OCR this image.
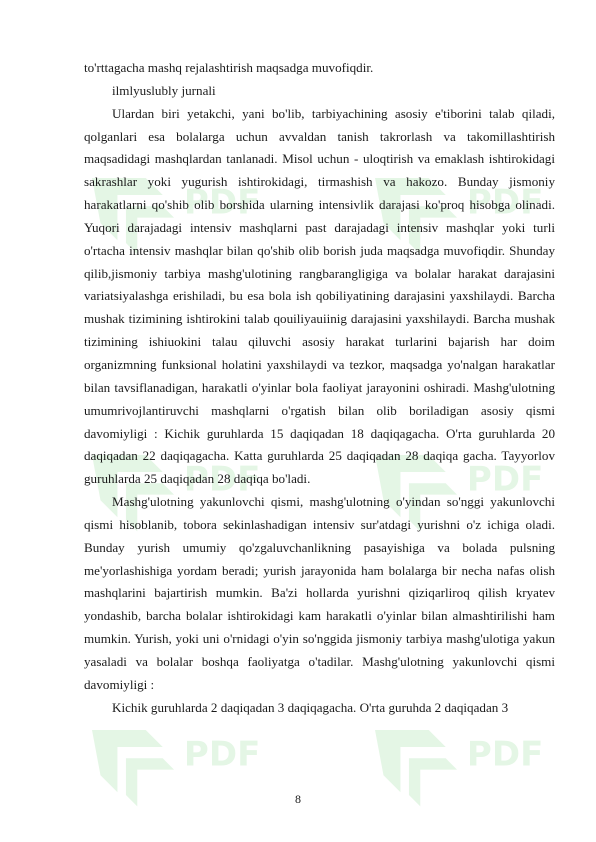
to'rttagacha mashq rejalashtirish maqsadga muvofiqdir.

ilmlyuslubly jurnali

Ulardan biri yetakchi, yani bo'lib, tarbiyachining asosiy e'tiborini talab qiladi, qolganlari esa bolalarga uchun avvaldan tanish takrorlash va takomillashtirish maqsadidagi mashqlardan tanlanadi. Misol uchun - uloqtirish va emaklash ishtirokidagi sakrashlar yoki yugurish ishtirokidagi, tirmashish va hakozo. Bunday jismoniy harakatlarni qo'shib olib borshida ularning intensivlik darajasi ko'proq hisobga olinadi. Yuqori darajadagi intensiv mashqlarni past darajadagi intensiv mashqlar yoki turli o'rtacha intensiv mashqlar bilan qo'shib olib borish juda maqsadga muvofiqdir. Shunday qilib,jismoniy tarbiya mashg'ulotining rangbarangligiga va bolalar harakat darajasini variatsiyalashga erishiladi, bu esa bola ish qobiliyatining darajasini yaxshilaydi. Barcha mushak tizimining ishtirokini talab qouiliyauiinig darajasini yaxshilaydi. Barcha mushak tizimining ishiuokini talau qiluvchi asosiy harakat turlarini bajarish har doim organizmning funksional holatini yaxshilaydi va tezkor, maqsadga yo'nalgan harakatlar bilan tavsiflanadigan, harakatli o'yinlar bola faoliyat jarayonini oshiradi. Mashg'ulotning umumrivojlantiruvchi mashqlarni o'rgatish bilan olib boriladigan asosiy qismi davomiyligi : Kichik guruhlarda 15 daqiqadan 18 daqiqagacha. O'rta guruhlarda 20 daqiqadan 22 daqiqagacha. Katta guruhlarda 25 daqiqadan 28 daqiqa gacha. Tayyorlov guruhlarda 25 daqiqadan 28 daqiqa bo'ladi.

Mashg'ulotning yakunlovchi qismi, mashg'ulotning o'yindan so'nggi yakunlovchi qismi hisoblanib, tobora sekinlashadigan intensiv sur'atdagi yurishni o'z ichiga oladi. Bunday yurish umumiy qo'zgaluvchanlikning pasayishiga va bolada pulsning me'yorlashishiga yordam beradi; yurish jarayonida ham bolalarga bir necha nafas olish mashqlarini bajartirish mumkin. Ba'zi hollarda yurishni qiziqarliroq qilish kryatev yondashib, barcha bolalar ishtirokidagi kam harakatli o'yinlar bilan almashtirilishi ham mumkin. Yurish, yoki uni o'rnidagi o'yin so'nggida jismoniy tarbiya mashg'ulotiga yakun yasaladi va bolalar boshqa faoliyatga o'tadilar. Mashg'ulotning yakunlovchi qismi davomiyligi :

Kichik guruhlarda 2 daqiqadan 3 daqiqagacha. O'rta guruhda 2 daqiqadan 3

8
